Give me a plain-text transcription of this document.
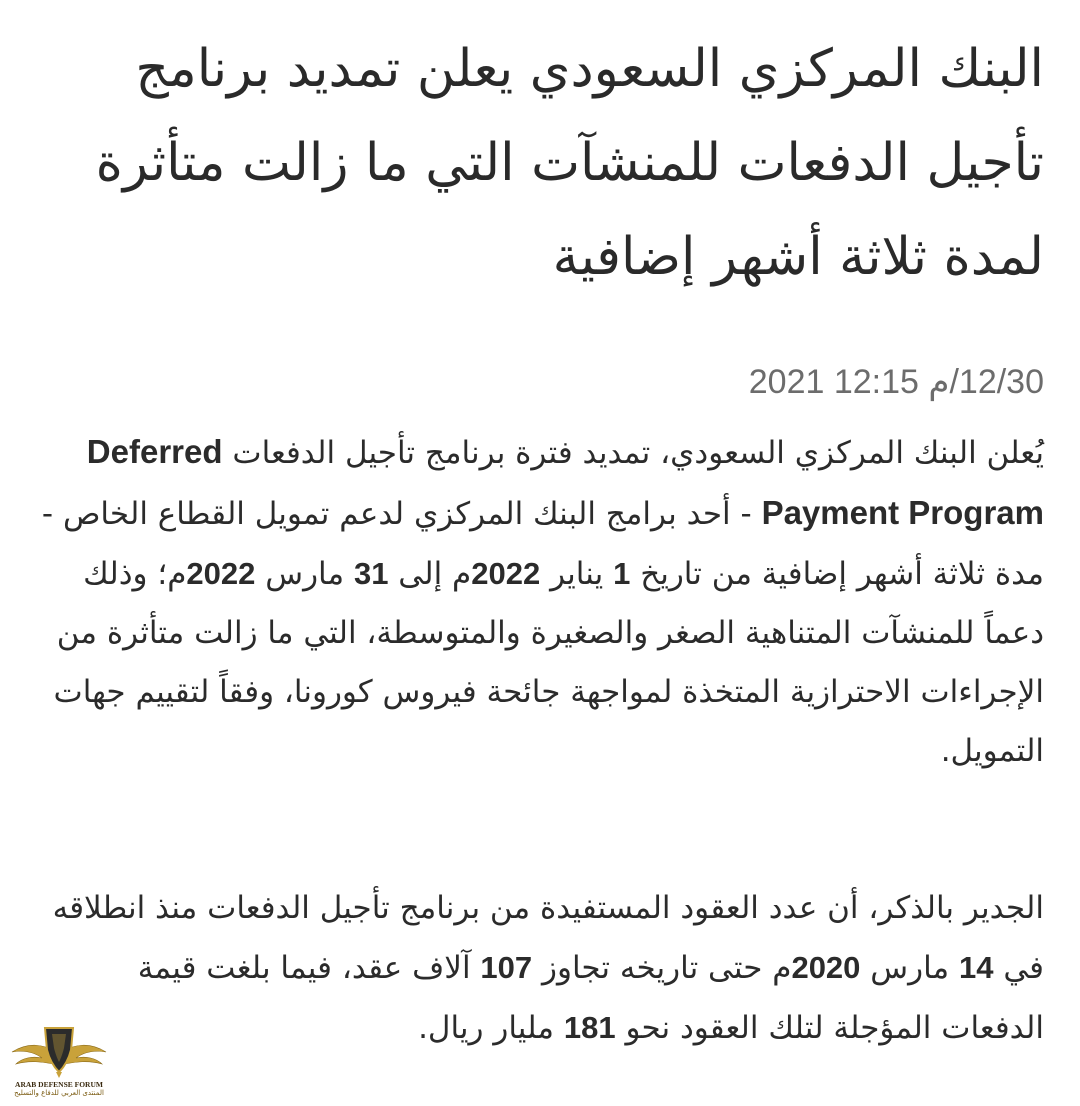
البنك المركزي السعودي يعلن تمديد برنامج
تأجيل الدفعات للمنشآت التي ما زالت متأثرة
لمدة ثلاثة أشهر إضافية
12/30/م 12:15 2021

يُعلن البنك المركزي السعودي، تمديد فترة برنامج تأجيل الدفعات Deferred Payment Program - أحد برامج البنك المركزي لدعم تمويل القطاع الخاص - مدة ثلاثة أشهر إضافية من تاريخ 1 يناير 2022م إلى 31 مارس 2022م؛ وذلك دعماً للمنشآت المتناهية الصغر والصغيرة والمتوسطة، التي ما زالت متأثرة من الإجراءات الاحترازية المتخذة لمواجهة جائحة فيروس كورونا، وفقاً لتقييم جهات التمويل.

الجدير بالذكر، أن عدد العقود المستفيدة من برنامج تأجيل الدفعات منذ انطلاقه في 14 مارس 2020م حتى تاريخه تجاوز 107 آلاف عقد، فيما بلغت قيمة الدفعات المؤجلة لتلك العقود نحو 181 مليار ريال.

ARAB DEFENSE FORUM
المنتدى العربي للدفاع والتسليح
